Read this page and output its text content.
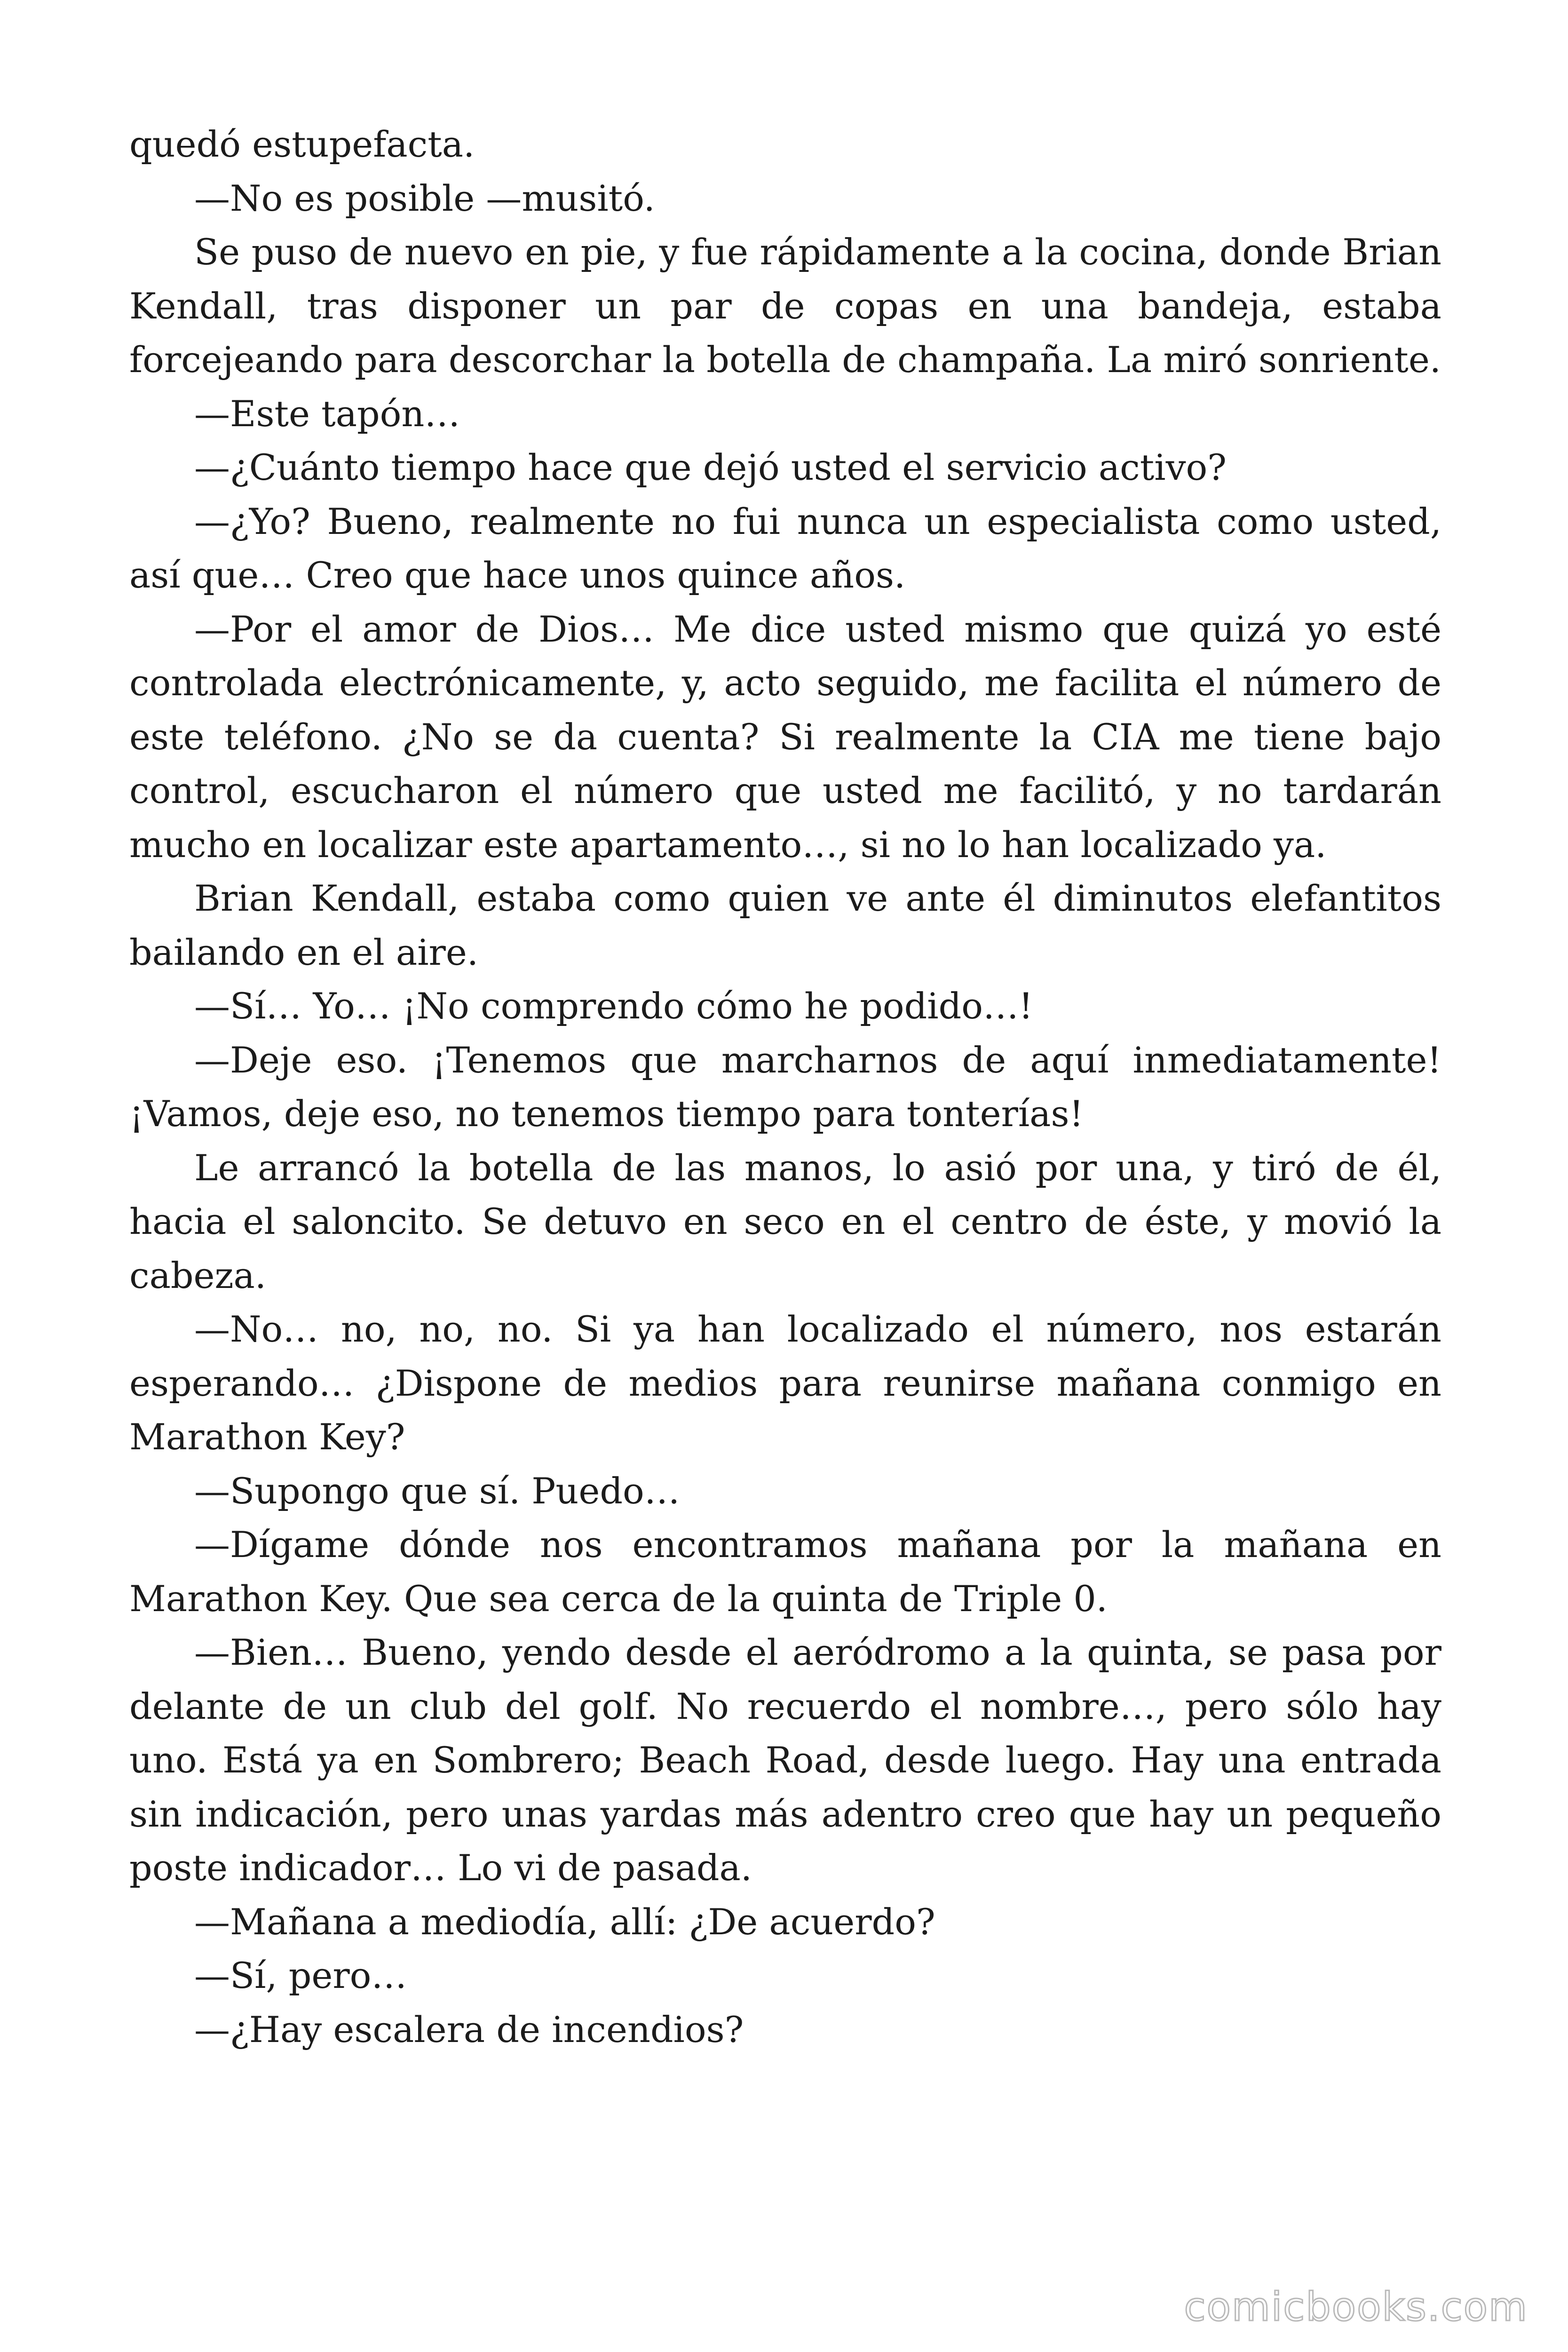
quedó estupefacta.

—No es posible —musitó.

Se puso de nuevo en pie, y fue rápidamente a la cocina, donde Brian Kendall, tras disponer un par de copas en una bandeja, estaba forcejeando para descorchar la botella de champaña. La miró sonriente.

—Este tapón…

—¿Cuánto tiempo hace que dejó usted el servicio activo?

—¿Yo? Bueno, realmente no fui nunca un especialista como usted, así que… Creo que hace unos quince años.

—Por el amor de Dios… Me dice usted mismo que quizá yo esté controlada electrónicamente, y, acto seguido, me facilita el número de este teléfono. ¿No se da cuenta? Si realmente la CIA me tiene bajo control, escucharon el número que usted me facilitó, y no tardarán mucho en localizar este apartamento…, si no lo han localizado ya.

Brian Kendall, estaba como quien ve ante él diminutos elefantitos bailando en el aire.

—Sí… Yo… ¡No comprendo cómo he podido…!

—Deje eso. ¡Tenemos que marcharnos de aquí inmediatamente! ¡Vamos, deje eso, no tenemos tiempo para tonterías!

Le arrancó la botella de las manos, lo asió por una, y tiró de él, hacia el saloncito. Se detuvo en seco en el centro de éste, y movió la cabeza.

—No… no, no, no. Si ya han localizado el número, nos estarán esperando… ¿Dispone de medios para reunirse mañana conmigo en Marathon Key?

—Supongo que sí. Puedo…

—Dígame dónde nos encontramos mañana por la mañana en Marathon Key. Que sea cerca de la quinta de Triple 0.

—Bien… Bueno, yendo desde el aeródromo a la quinta, se pasa por delante de un club del golf. No recuerdo el nombre…, pero sólo hay uno. Está ya en Sombrero; Beach Road, desde luego. Hay una entrada sin indicación, pero unas yardas más adentro creo que hay un pequeño poste indicador… Lo vi de pasada.

—Mañana a mediodía, allí: ¿De acuerdo?

—Sí, pero…

—¿Hay escalera de incendios?

comicbooks.com
